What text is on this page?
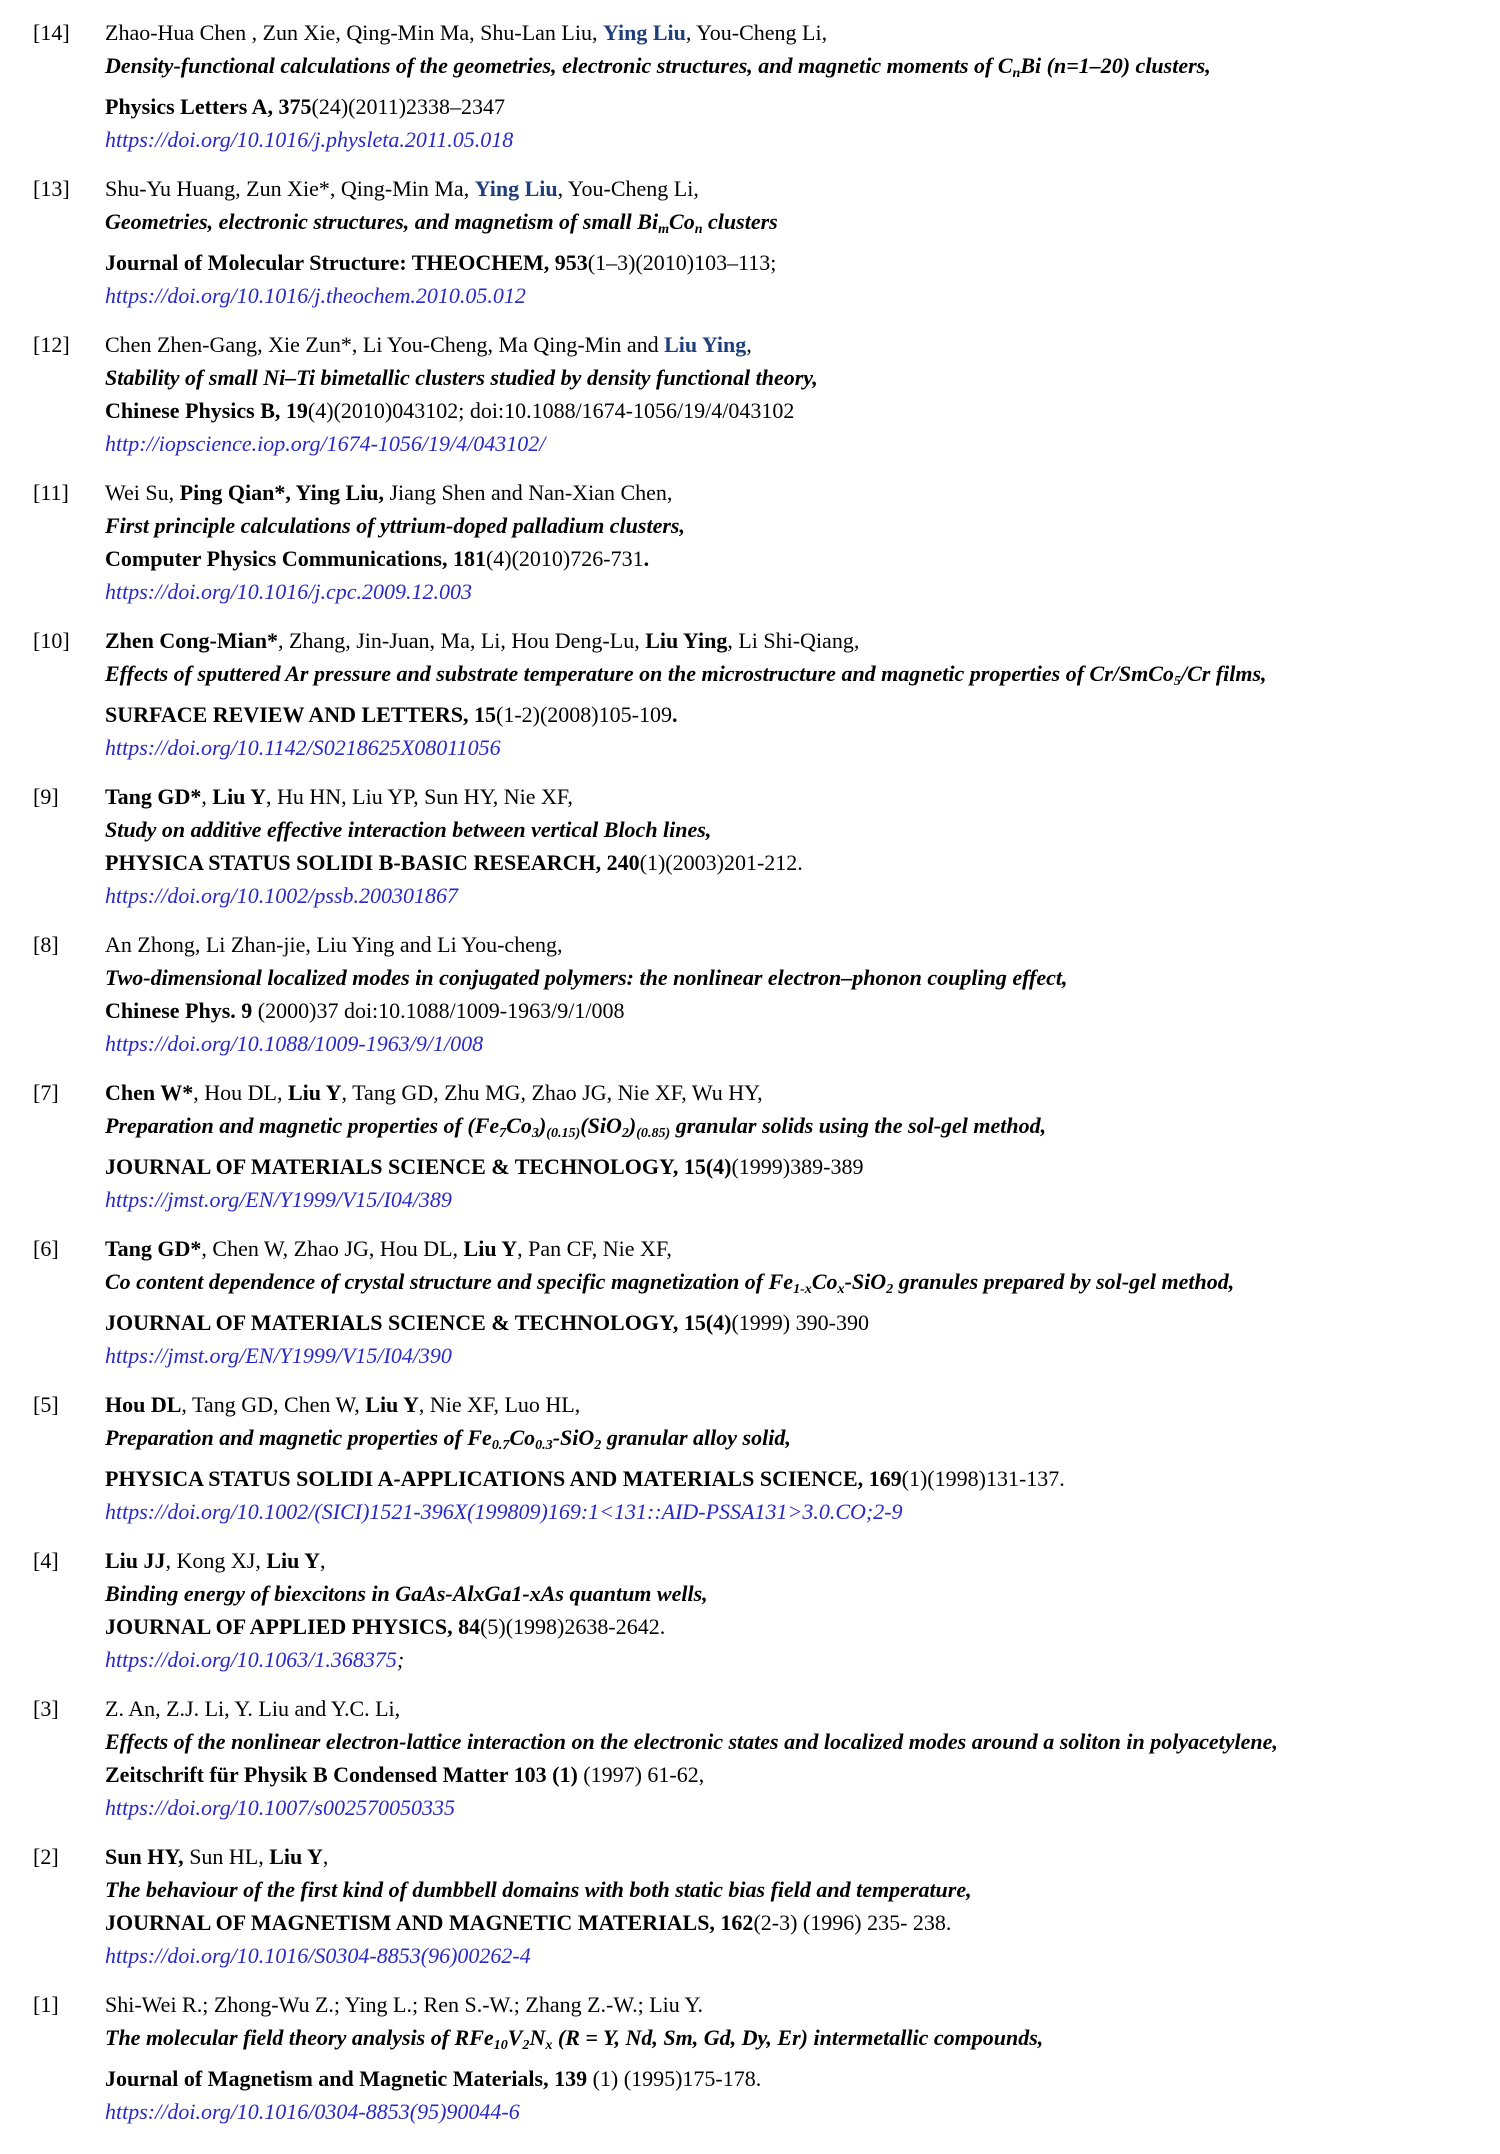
[14]	Zhao-Hua Chen , Zun Xie, Qing-Min Ma, Shu-Lan Liu, Ying Liu, You-Cheng Li,
Density-functional calculations of the geometries, electronic structures, and magnetic moments of $C_nBi$ (n=1–20) clusters,
Physics Letters A, 375(24)(2011)2338–2347
https://doi.org/10.1016/j.physleta.2011.05.018
[13]	Shu-Yu Huang, Zun Xie*, Qing-Min Ma, Ying Liu, You-Cheng Li,
Geometries, electronic structures, and magnetism of small $Bi_mCo_n$ clusters
Journal of Molecular Structure: THEOCHEM, 953(1–3)(2010)103–113;
https://doi.org/10.1016/j.theochem.2010.05.012
[12]	Chen Zhen-Gang, Xie Zun*, Li You-Cheng, Ma Qing-Min and Liu Ying,
Stability of small Ni–Ti bimetallic clusters studied by density functional theory,
Chinese Physics B, 19(4)(2010)043102; doi:10.1088/1674-1056/19/4/043102
http://iopscience.iop.org/1674-1056/19/4/043102/
[11]	Wei Su, Ping Qian*, Ying Liu, Jiang Shen and Nan-Xian Chen,
First principle calculations of yttrium-doped palladium clusters,
Computer Physics Communications, 181(4)(2010)726-731.
https://doi.org/10.1016/j.cpc.2009.12.003
[10]	Zhen Cong-Mian*, Zhang, Jin-Juan, Ma, Li, Hou Deng-Lu, Liu Ying, Li Shi-Qiang,
Effects of sputtered Ar pressure and substrate temperature on the microstructure and magnetic properties of Cr/SmCo$_5$/Cr films,
SURFACE REVIEW AND LETTERS, 15(1-2)(2008)105-109.
https://doi.org/10.1142/S0218625X08011056
[9]	Tang GD*, Liu Y, Hu HN, Liu YP, Sun HY, Nie XF,
Study on additive effective interaction between vertical Bloch lines,
PHYSICA STATUS SOLIDI B-BASIC RESEARCH, 240(1)(2003)201-212.
https://doi.org/10.1002/pssb.200301867
[8]	An Zhong, Li Zhan-jie, Liu Ying and Li You-cheng,
Two-dimensional localized modes in conjugated polymers: the nonlinear electron–phonon coupling effect,
Chinese Phys. 9 (2000)37 doi:10.1088/1009-1963/9/1/008
https://doi.org/10.1088/1009-1963/9/1/008
[7]	Chen W*, Hou DL, Liu Y, Tang GD, Zhu MG, Zhao JG, Nie XF, Wu HY,
Preparation and magnetic properties of $(Fe_7Co_3)_{(0.15)}(SiO_2)_{(0.85)}$ granular solids using the sol-gel method,
JOURNAL OF MATERIALS SCIENCE & TECHNOLOGY, 15(4)(1999)389-389
https://jmst.org/EN/Y1999/V15/I04/389
[6]	Tang GD*, Chen W, Zhao JG, Hou DL, Liu Y, Pan CF, Nie XF,
Co content dependence of crystal structure and specific magnetization of $Fe_{1-x}Co_x-SiO_2$ granules prepared by sol-gel method,
JOURNAL OF MATERIALS SCIENCE & TECHNOLOGY, 15(4)(1999) 390-390
https://jmst.org/EN/Y1999/V15/I04/390
[5]	Hou DL, Tang GD, Chen W, Liu Y, Nie XF, Luo HL,
Preparation and magnetic properties of $Fe_{0.7}Co_{0.3}-SiO_2$ granular alloy solid,
PHYSICA STATUS SOLIDI A-APPLICATIONS AND MATERIALS SCIENCE, 169(1)(1998)131-137.
https://doi.org/10.1002/(SICI)1521-396X(199809)169:1<131::AID-PSSA131>3.0.CO;2-9
[4]	Liu JJ, Kong XJ, Liu Y,
Binding energy of biexcitons in GaAs-AlxGa1-xAs quantum wells,
JOURNAL OF APPLIED PHYSICS, 84(5)(1998)2638-2642.
https://doi.org/10.1063/1.368375;
[3]	Z. An, Z.J. Li, Y. Liu and Y.C. Li,
Effects of the nonlinear electron-lattice interaction on the electronic states and localized modes around a soliton in polyacetylene,
Zeitschrift für Physik B Condensed Matter 103 (1) (1997) 61-62,
https://doi.org/10.1007/s002570050335
[2]	Sun HY, Sun HL, Liu Y,
The behaviour of the first kind of dumbbell domains with both static bias field and temperature,
JOURNAL OF MAGNETISM AND MAGNETIC MATERIALS, 162(2-3) (1996) 235- 238.
https://doi.org/10.1016/S0304-8853(96)00262-4
[1]	Shi-Wei R.; Zhong-Wu Z.; Ying L.; Ren S.-W.; Zhang Z.-W.; Liu Y.
The molecular field theory analysis of $RFe_{10}V_2N_x$ (R = Y, Nd, Sm, Gd, Dy, Er) intermetallic compounds,
Journal of Magnetism and Magnetic Materials, 139 (1) (1995)175-178.
https://doi.org/10.1016/0304-8853(95)90044-6
